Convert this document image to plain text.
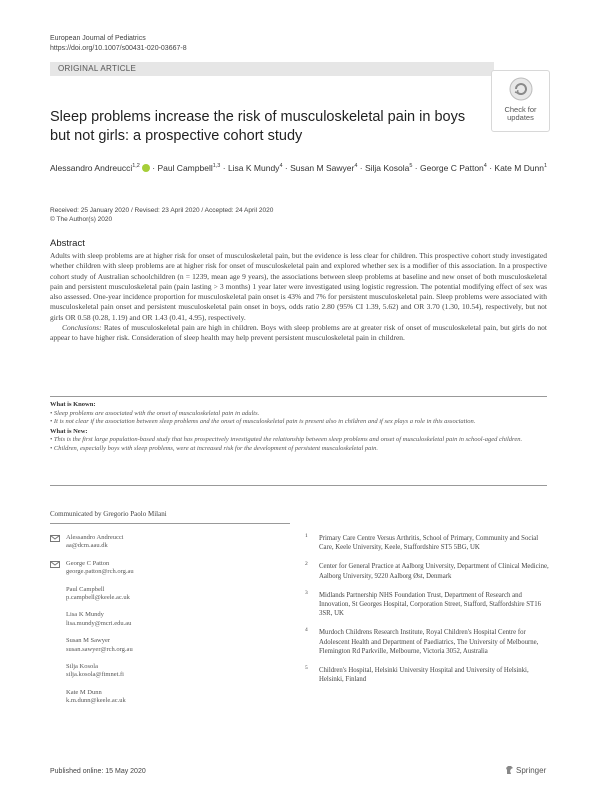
European Journal of Pediatrics
https://doi.org/10.1007/s00431-020-03667-8
ORIGINAL ARTICLE
Check for updates
Sleep problems increase the risk of musculoskeletal pain in boys but not girls: a prospective cohort study
Alessandro Andreucci$^{1,2}$ · Paul Campbell$^{1,3}$ · Lisa K Mundy$^4$ · Susan M Sawyer$^4$ · Silja Kosola$^5$ · George C Patton$^4$ · Kate M Dunn$^1$
Received: 25 January 2020 / Revised: 23 April 2020 / Accepted: 24 April 2020
© The Author(s) 2020
Abstract

Adults with sleep problems are at higher risk for onset of musculoskeletal pain, but the evidence is less clear for children. This prospective cohort study investigated whether children with sleep problems are at higher risk for onset of musculoskeletal pain and explored whether sex is a modifier of this association. In a prospective cohort study of Australian schoolchildren (n = 1239, mean age 9 years), the associations between sleep problems at baseline and new onset of both musculoskeletal pain and persistent musculoskeletal pain (pain lasting > 3 months) 1 year later were investigated using logistic regression. The potential modifying effect of sex was also assessed. One-year incidence proportion for musculoskeletal pain onset is 43% and 7% for persistent musculoskeletal pain. Sleep problems were associated with musculoskeletal pain onset and persistent musculoskeletal pain onset in boys, odds ratio 2.80 (95% CI 1.39, 5.62) and OR 3.70 (1.30, 10.54), respectively, but not girls OR 0.58 (0.28, 1.19) and OR 1.43 (0.41, 4.95), respectively.

Conclusions: Rates of musculoskeletal pain are high in children. Boys with sleep problems are at greater risk of onset of musculoskeletal pain, but girls do not appear to have higher risk. Consideration of sleep health may help prevent persistent musculoskeletal pain in children.

What is Known:
• Sleep problems are associated with the onset of musculoskeletal pain in adults.
• It is not clear if the association between sleep problems and the onset of musculoskeletal pain is present also in children and if sex plays a role in this association.
What is New:
• This is the first large population-based study that has prospectively investigated the relationship between sleep problems and onset of musculoskeletal pain in school-aged children.
• Children, especially boys with sleep problems, were at increased risk for the development of persistent musculoskeletal pain.
Communicated by Gregorio Paolo Milani
Alessandro Andreucci
aa@dcm.aau.dk
George C Patton
george.patton@rch.org.au
Paul Campbell
p.campbell@keele.ac.uk
Lisa K Mundy
lisa.mundy@mcri.edu.au
Susan M Sawyer
susan.sawyer@rch.org.au
Silja Kosola
silja.kosola@fimnet.fi
Kate M Dunn
k.m.dunn@keele.ac.uk
1 Primary Care Centre Versus Arthritis, School of Primary, Community and Social Care, Keele University, Keele, Staffordshire ST5 5BG, UK
2 Center for General Practice at Aalborg University, Department of Clinical Medicine, Aalborg University, 9220 Aalborg Øst, Denmark
3 Midlands Partnership NHS Foundation Trust, Department of Research and Innovation, St Georges Hospital, Corporation Street, Stafford, Staffordshire ST16 3SR, UK
4 Murdoch Childrens Research Institute, Royal Children's Hospital Centre for Adolescent Health and Department of Paediatrics, The University of Melbourne, Flemington Rd Parkville, Melbourne, Victoria 3052, Australia
5 Children's Hospital, Helsinki University Hospital and University of Helsinki, Helsinki, Finland
Published online: 15 May 2020	Springer
